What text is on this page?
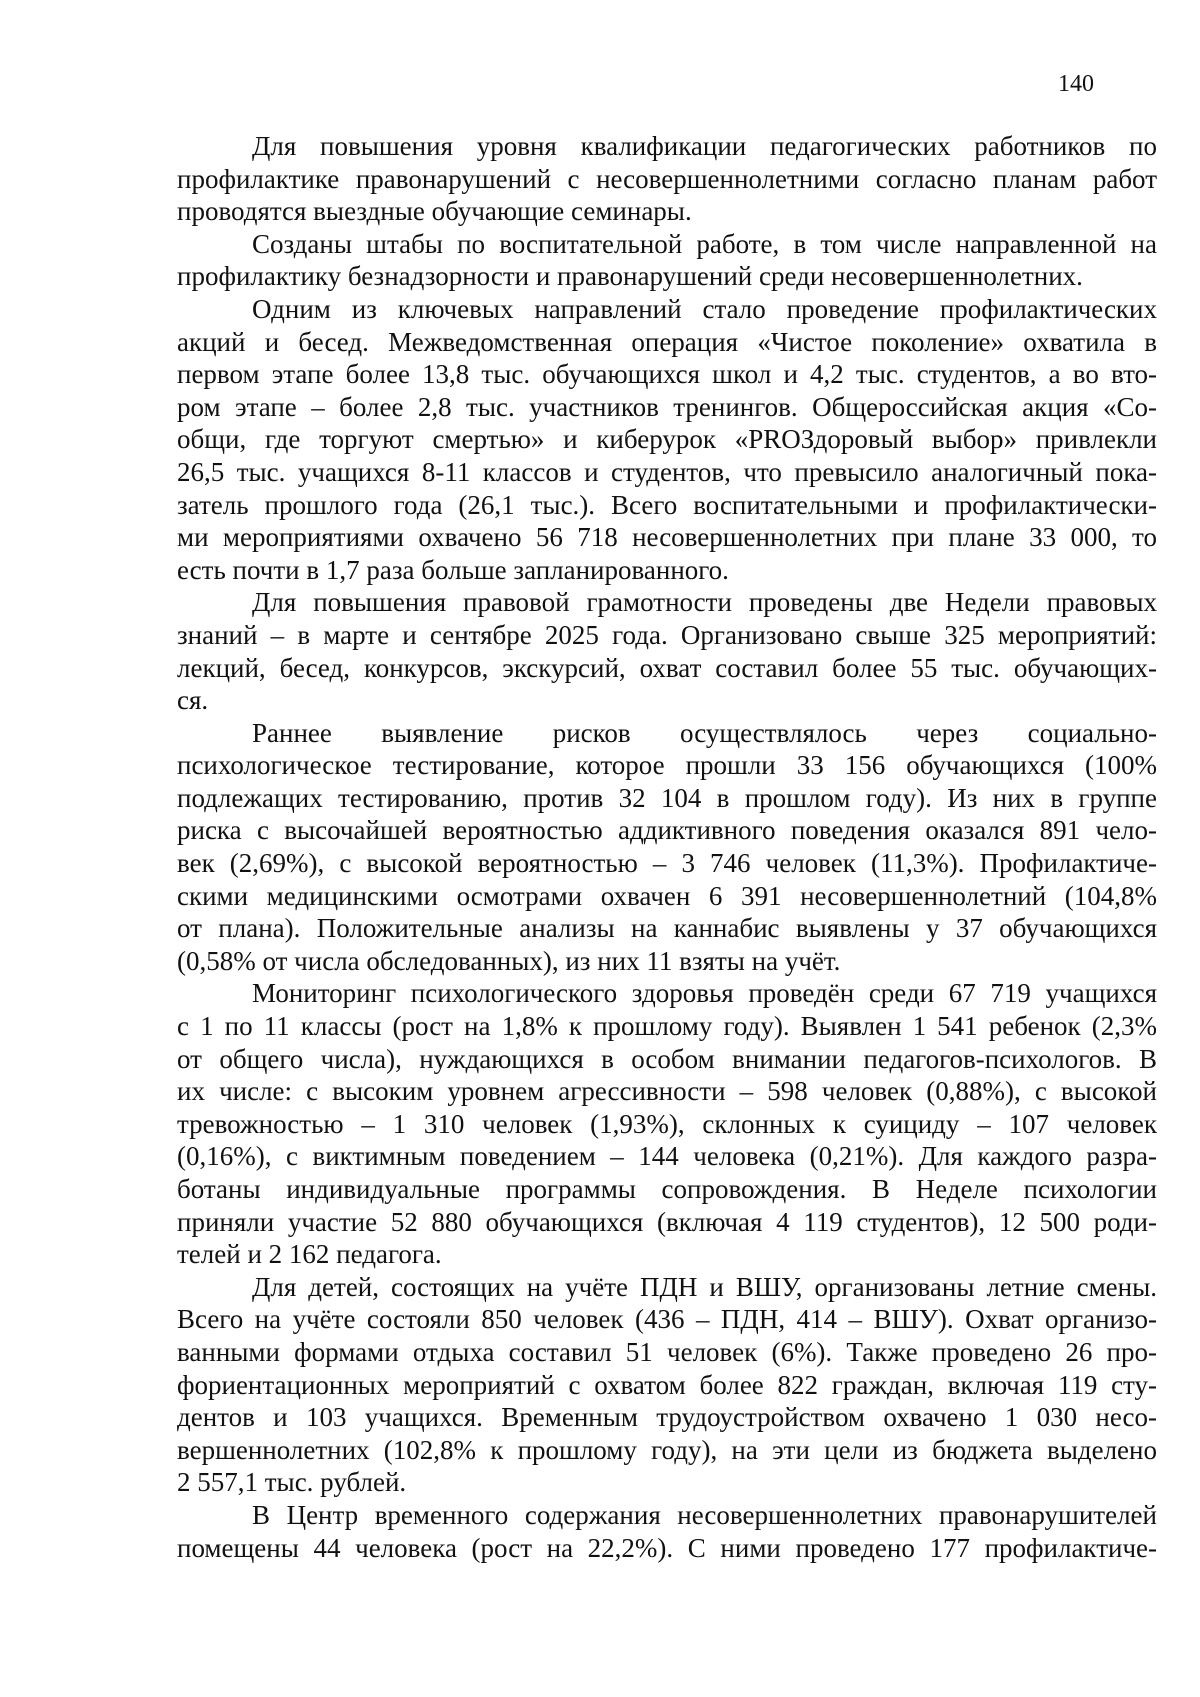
140

Для повышения уровня квалификации педагогических работников по
профилактике правонарушений с несовершеннолетними согласно планам работ
проводятся выездные обучающие семинары.

Созданы штабы по воспитательной работе, в том числе направленной на
профилактику безнадзорности и правонарушений среди несовершеннолетних.

Одним из ключевых направлений стало проведение профилактических
акций и бесед. Межведомственная операция «Чистое поколение» охватила в
первом этапе более 13,8 тыс. обучающихся школ и 4,2 тыс. студентов, а во вто-
ром этапе – более 2,8 тыс. участников тренингов. Общероссийская акция «Со-
общи, где торгуют смертью» и киберурок «PROЗдоровый выбор» привлекли
26,5 тыс. учащихся 8-11 классов и студентов, что превысило аналогичный пока-
затель прошлого года (26,1 тыс.). Всего воспитательными и профилактически-
ми мероприятиями охвачено 56 718 несовершеннолетних при плане 33 000, то
есть почти в 1,7 раза больше запланированного.

Для повышения правовой грамотности проведены две Недели правовых
знаний – в марте и сентябре 2025 года. Организовано свыше 325 мероприятий:
лекций, бесед, конкурсов, экскурсий, охват составил более 55 тыс. обучающих-
ся.

Раннее выявление рисков осуществлялось через социально-
психологическое тестирование, которое прошли 33 156 обучающихся (100%
подлежащих тестированию, против 32 104 в прошлом году). Из них в группе
риска с высочайшей вероятностью аддиктивного поведения оказался 891 чело-
век (2,69%), с высокой вероятностью – 3 746 человек (11,3%). Профилактиче-
скими медицинскими осмотрами охвачен 6 391 несовершеннолетний (104,8%
от плана). Положительные анализы на каннабис выявлены у 37 обучающихся
(0,58% от числа обследованных), из них 11 взяты на учёт.

Мониторинг психологического здоровья проведён среди 67 719 учащихся
с 1 по 11 классы (рост на 1,8% к прошлому году). Выявлен 1 541 ребенок (2,3%
от общего числа), нуждающихся в особом внимании педагогов-психологов. В
их числе: с высоким уровнем агрессивности – 598 человек (0,88%), с высокой
тревожностью – 1 310 человек (1,93%), склонных к суициду – 107 человек
(0,16%), с виктимным поведением – 144 человека (0,21%). Для каждого разра-
ботаны индивидуальные программы сопровождения. В Неделе психологии
приняли участие 52 880 обучающихся (включая 4 119 студентов), 12 500 роди-
телей и 2 162 педагога.

Для детей, состоящих на учёте ПДН и ВШУ, организованы летние смены.
Всего на учёте состояли 850 человек (436 – ПДН, 414 – ВШУ). Охват организо-
ванными формами отдыха составил 51 человек (6%). Также проведено 26 про-
фориентационных мероприятий с охватом более 822 граждан, включая 119 сту-
дентов и 103 учащихся. Временным трудоустройством охвачено 1 030 несо-
вершеннолетних (102,8% к прошлому году), на эти цели из бюджета выделено
2 557,1 тыс. рублей.

В Центр временного содержания несовершеннолетних правонарушителей
помещены 44 человека (рост на 22,2%). С ними проведено 177 профилактиче-
